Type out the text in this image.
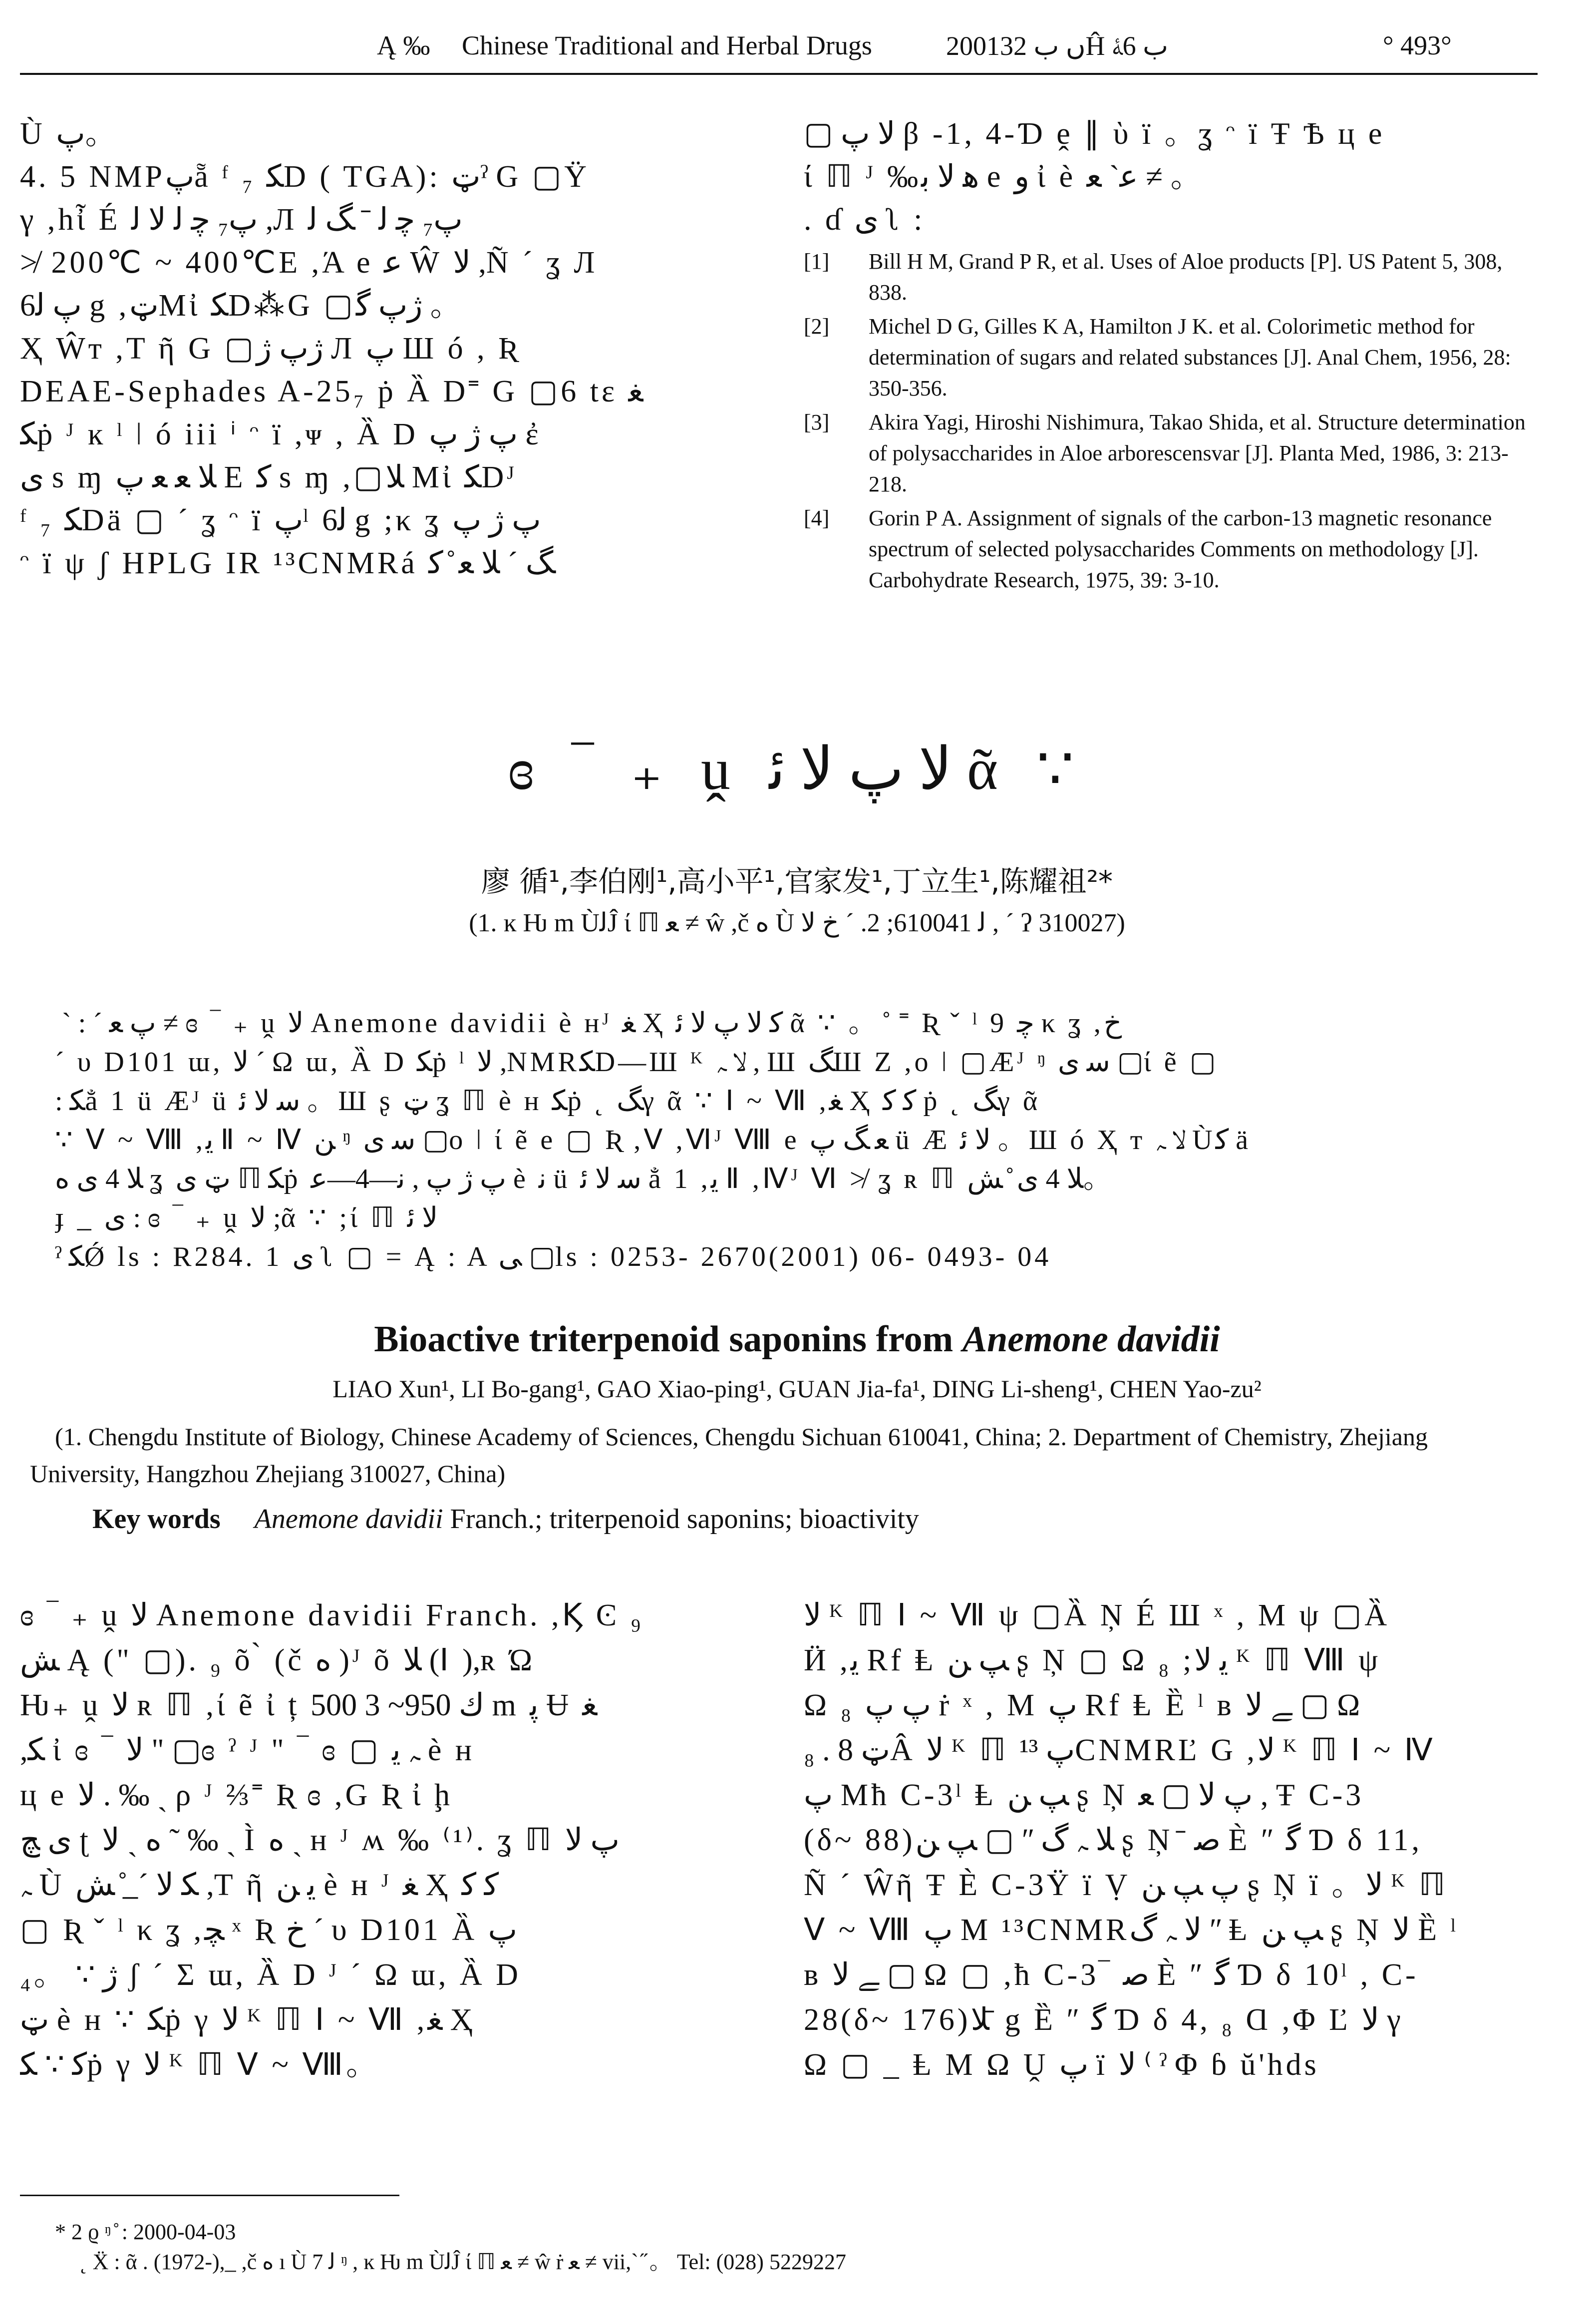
Ą ‰ Chinese Traditional and Herbal Drugs	2001ں ب 32Ĥ ب 6ﮥ	° 493°
Ù پ。
4. 5 NMPپẵ ᶠ ₇ ﮑD ( TGA): ټˀ G ▢Ÿ
γ ,hἶ É پ₇ ﭼ ﻟ ﻻ ﻟ ,Л پ₇ ﭼ ﻟ ˉ ﮓ ﻟ
≯ 200℃ ~ 400℃E ,Ά e ﻋ Ŵ ﻻ ,Ñ ˊ ʓ Л
پ ﻟ6 g ,ټMἰ ﮑD⁂G ▢ﮊپ ﮔ 。
Ҳ Ŵт ,T ῆ G ▢ﮊپ ﮊ Л پ Ш ó , Ʀ
DEAE-Sephades A-25₇ ṗ Ȁ D˭ G ▢6 tɛ ﻐ
ﮑṗ ᴶ ĸ ˡ ǀ ó iii ⁱ ᵔ ï ,ᴪ , Ȁ D پ ﮊ پ ἐ
ﻯ ѕ ɱ ﻼ ﻌ ﻌ پ E ﮐ ѕ ɱ ,▢ﻼ Mἰ ﮑDᴶ
ᶠ ₇ ﮑDä ▢ ˊ ʓ ᵔ ï پˡ ﻟ6 g ;κ ʓ پ ﮊ پ
ᵔ ï ψ ʃ HPLG IR ¹³CNMRá ﮓ ˊ ﻼ ﻌ ̊ ﮐ
▢ ﻻ پ β -1, 4-Ɗ ḙ ∥ ὺ ï 。ʓ ᵔ ï Ŧ Ѣ ц e
ί ℿ ᴶ ‰ﻫ ﻻ ﺑ e ﻭ ἰ è ﻋˋ ﻌ ≠ 。
. ɗ ﻯ ʅ :
[1] Bill H M, Grand P R, et al. Uses of Aloe products [P]. US Patent 5, 308, 838.
[2] Michel D G, Gilles K A, Hamilton J K. et al. Colorimetic method for determination of sugars and related substances [J]. Anal Chem, 1956, 28: 350-356.
[3] Akira Yagi, Hiroshi Nishimura, Takao Shida, et al. Structure determination of polysaccharides in Aloe arborescensvar [J]. Planta Med, 1986, 3: 213-218.
[4] Gorin P A. Assignment of signals of the carbon-13 magnetic resonance spectrum of selected polysaccharides Comments on methodology [J]. Carbohydrate Research, 1975, 39: 3-10.
ɞ ‾ ₊ ṷ ﻻ پ ﻻ ﺋ ᾶ ∵
廖 循¹,李伯刚¹,高小平¹,官家发¹,丁立生¹,陈耀祖²*
(1. ĸ Ƕ m ÙﻟĴ ί ℿ ﻌ ≠ ŵ ,č ﻩ Ù ﻟ 610041; 2. ˊ ﺥ ﻻ , ˊ ʔ 310027)
̀ ˋ : ˊ پ ﻌ ≠ ɞ ‾ ₊ ṷ ﻻ Anemone davidii è ʜᴶ ﻐ Ҳ ﮐ ﻻ پ ﻻ ﺋ ᾶ ∵ 。 ̊ ˭ Ʀ ˇ ˡ 9 ﭼ κ ʓ ,ﺥ
ˊ υ D101 ɯ, ﻻ ˊ Ω ɯ, Ȁ D ﮑṗ ˡ ﻻ ,NMRﮑD—Ш ᴷ ﻻ ﮧ , Ш ﮓШ Ζ ,o ǀ ▢Æᴶ ᵑ ﺳ ﻯ ▢ί ẽ ▢
: ﮑẳ 1 ü Æᴶ ü ﺳ ﻻ ﺋ 。Ш ʂ ټ ʓ ℿ è ʜ ﮑṗ ˛ ﮓγ ᾶ ∵ Ⅰ ~ Ⅶ ,ﻐ Ҳ ﮐ ﮐ ṗ ˛ ﮓγ ᾶ
∵ Ⅴ ~ Ⅷ ,ﻳ Ⅱ ~ Ⅳ ﻦ ᵑ ﺳ ﻯ ▢o ǀ ί ẽ e ▢ Ʀ ,Ⅴ ,Ⅵᴶ Ⅷ e ﻌ ﮓ پ ü Æ ﻻ ﺋ 。Ш ó Ҳ т ﻻ ﮧ Ùﮐ ä
ﻼ 4 ﻯ ﻩ ʓ ټ ﻯ ℿ ﮑṗ پ ﮊ پ , ﻧ—4—ﻋ è ﻧ ü ﺳ ﻻ ﺋ ẳ 1 ,ﻳ Ⅱ ,Ⅳᴶ Ⅵ ≯ ʓ ʀ ℿ ﻼ 4 ﻯ ̊ ﺶ。
ɟ _ ﻯ : ɞ ‾ ₊ ṷ ﻻ ;ᾶ ∵ ;ί ℿ ﻻ ﺋ
ˀ ﮑǾ ls : R284. 1 ﻯ ʅ ▢ = Ą : A ﻰ ▢ls : 0253- 2670(2001) 06- 0493- 04
Bioactive triterpenoid saponins from Anemone davidii
LIAO Xun¹, LI Bo-gang¹, GAO Xiao-ping¹, GUAN Jia-fa¹, DING Li-sheng¹, CHEN Yao-zu²
(1. Chengdu Institute of Biology, Chinese Academy of Sciences, Chengdu Sichuan 610041, China; 2. Department of Chemistry, Zhejiang University, Hangzhou Zhejiang 310027, China)
Key words Anemone davidii Franch.; triterpenoid saponins; bioactivity
ɞ ‾ ₊ ṷ ﻻ Anemone davidii Franch. ,Ϗ Ͼ ₉
ﺶ Ą (" ▢). ₉ õ ̀ (č ﻩ )ᴶ õ ﻼ (Ⅰ ),ʀ Ώ
Ƕ₊ ṷ ﻻ ʀ ℿ ,ί ẽ ἰ ț ﻙ 950~ 3 500 m ﭘ Ʉ ﻐ
,ﮑ ἰ ɞ ‾ ﻻ " ▢ɞ ˀ ᴶ " ‾ ɞ ▢ ﮧ ﻳ è ʜ
ц e ﻻ . ‰ ˎ ρ ᴶ ⅔˭ Ʀ ɞ ,G Ʀ ἰ ḩ
ﻯ ﭻ ʈ ﻩ ˎ ﻻ ˜ ‰ ˎ Ì ﻩ ˎ ʜ ᴶ ʍ ‰ ⁽¹⁾. ʓ ℿ پ ﻻ
ﮧ Ù ﮑ ﻻ ˊ ̲ ̊ ﺶ ,T ῆ ﻳ ﻦ è ʜ ᴶ ﻐ Ҳ ﮐ ﮐ
▢ Ʀ ˇ ˡ κ ʓ ,ﭽ ˣ Ʀ ﺥ ˊ υ D101 Ȁ پ
ﮊ ∵ 。₄ ʃ ˊ Σ ɯ, Ȁ D ᴶ ˊ Ω ɯ, Ȁ D
ټ è ʜ ∵ ﮑṗ γ ﻻ ᴷ ℿ Ⅰ ~ Ⅶ ,ﻐ Ҳ
ﮐ ∵ ﮑṗ γ ﻻ ᴷ ℿ Ⅴ ~ Ⅷ。
ﻻ ᴷ ℿ Ⅰ ~ Ⅶ ψ ▢Ȁ Ņ É Ш ˣ , M ψ ▢Ȁ
Ӥ ,ﻳ Rf Ⱡ ﭗ ﻦ ʂ Ņ ▢ Ω ₈ ;ﻳ ﻻ ᴷ ℿ Ⅷ ψ
Ω ₈ ﭖ پ ṙ ˣ , M پ Rf Ⱡ Ȅ ˡ ʙ ﮯ ﻻ ▢ Ω
₈ . ټ 8Â ﻻ ᴷ ℿ پ ¹³CNMRĽ G ,ﻻ ᴷ ℿ Ⅰ ~ Ⅳ
پ Mħ C-3ˡ Ⱡ ﭗ ﻦ ʂ Ņ پ ﻻ ▢ ﻌ , Ŧ C-3
(δ~ 88)ﻼ ﮧ ﮒ ʺ ▢ ﭗ ﻦ ʂ Ņ ̄ ﺻ È ʺ ﮔ Ɗ δ 11,
Ñ ˊ Ŵῆ Ŧ È C-3Ÿ ï Ṿ پ ﭗ ﻦ ʂ Ņ ï 。ﻻ ᴷ ℿ
Ⅴ ~ Ⅷ پ M ¹³CNMRﻻ ﮧ ﮒ ʺ Ⱡ ﭗ ﻦ ʂ Ņ ﻻ Ȅ ˡ
ʙ ﮯ ﻻ ▢ Ω ▢ ,ħ C-3‾ ﺻ È ʺ ﮔ Ɗ δ 10ˡ , C-
28(δ~ 176)ﻼ ̄ g Ȅ ʺ ﮔ Ɗ δ 4, ₈ Ɑ ,Φ Ľ ﻻ γ
Ω ▢ _ Ⱡ M Ω Ṷ پ ï ﻻ ⁽ ˀ Φ ɓ ŭ'hds
* 2 ϱ ᵑ ̊ : 2000-04-03
˛ Ẍ : ᾶ . (1972-),_ ,č ﻩ ı Ù ﻟ 7 ᵑ , ĸ Ƕ m ÙﻟĴ ί ℿ ﻌ ≠ ŵ ṙ ﻌ ≠ vii,ˋ ̋ 。 Tel: (028) 5229227
